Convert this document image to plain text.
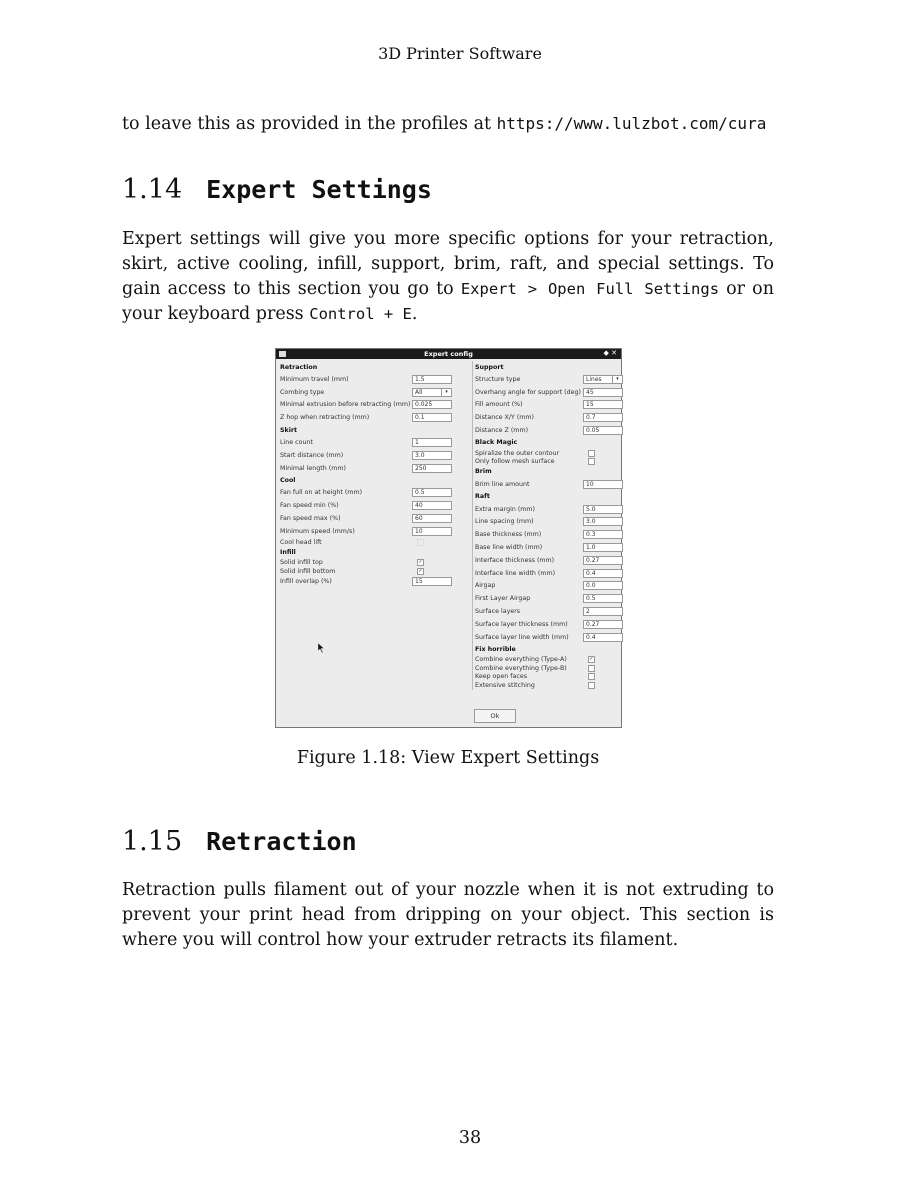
3D Printer Software
to leave this as provided in the profiles at https://www.lulzbot.com/cura
1.14 Expert Settings
Expert settings will give you more specific options for your retraction, skirt, active cooling, infill, support, brim, raft, and special settings. To gain access to this section you go to Expert > Open Full Settings or on your keyboard press Control + E.
Expert config	◆ ✕
Retraction
Minimum travel (mm)	1.5
Combing type	All	▾
Minimal extrusion before retracting (mm) 0.025
Z hop when retracting (mm)	0.1
Skirt
Line count	1
Start distance (mm)	3.0
Minimal length (mm)	250
Cool
Fan full on at height (mm)	0.5
Fan speed min (%)	40
Fan speed max (%)	60
Minimum speed (mm/s)	10
Cool head lift
Infill
Solid infill top	✓
Solid infill bottom	✓
Infill overlap (%)	15
Support
Structure type	Lines	▾
Overhang angle for support (deg) 45
Fill amount (%)	15
Distance X/Y (mm)	0.7
Distance Z (mm)	0.05
Black Magic
Spiralize the outer contour
Only follow mesh surface
Brim
Brim line amount	10
Raft
Extra margin (mm)	5.0
Line spacing (mm)	3.0
Base thickness (mm)	0.3
Base line width (mm)	1.0
Interface thickness (mm)	0.27
Interface line width (mm)	0.4
Airgap	0.0
First Layer Airgap	0.5
Surface layers	2
Surface layer thickness (mm)	0.27
Surface layer line width (mm)	0.4
Fix horrible
Combine everything (Type-A)	✓
Combine everything (Type-B)
Keep open faces
Extensive stitching
Ok
Figure 1.18: View Expert Settings
1.15 Retraction
Retraction pulls filament out of your nozzle when it is not extruding to prevent your print head from dripping on your object. This section is where you will control how your extruder retracts its filament.
38
